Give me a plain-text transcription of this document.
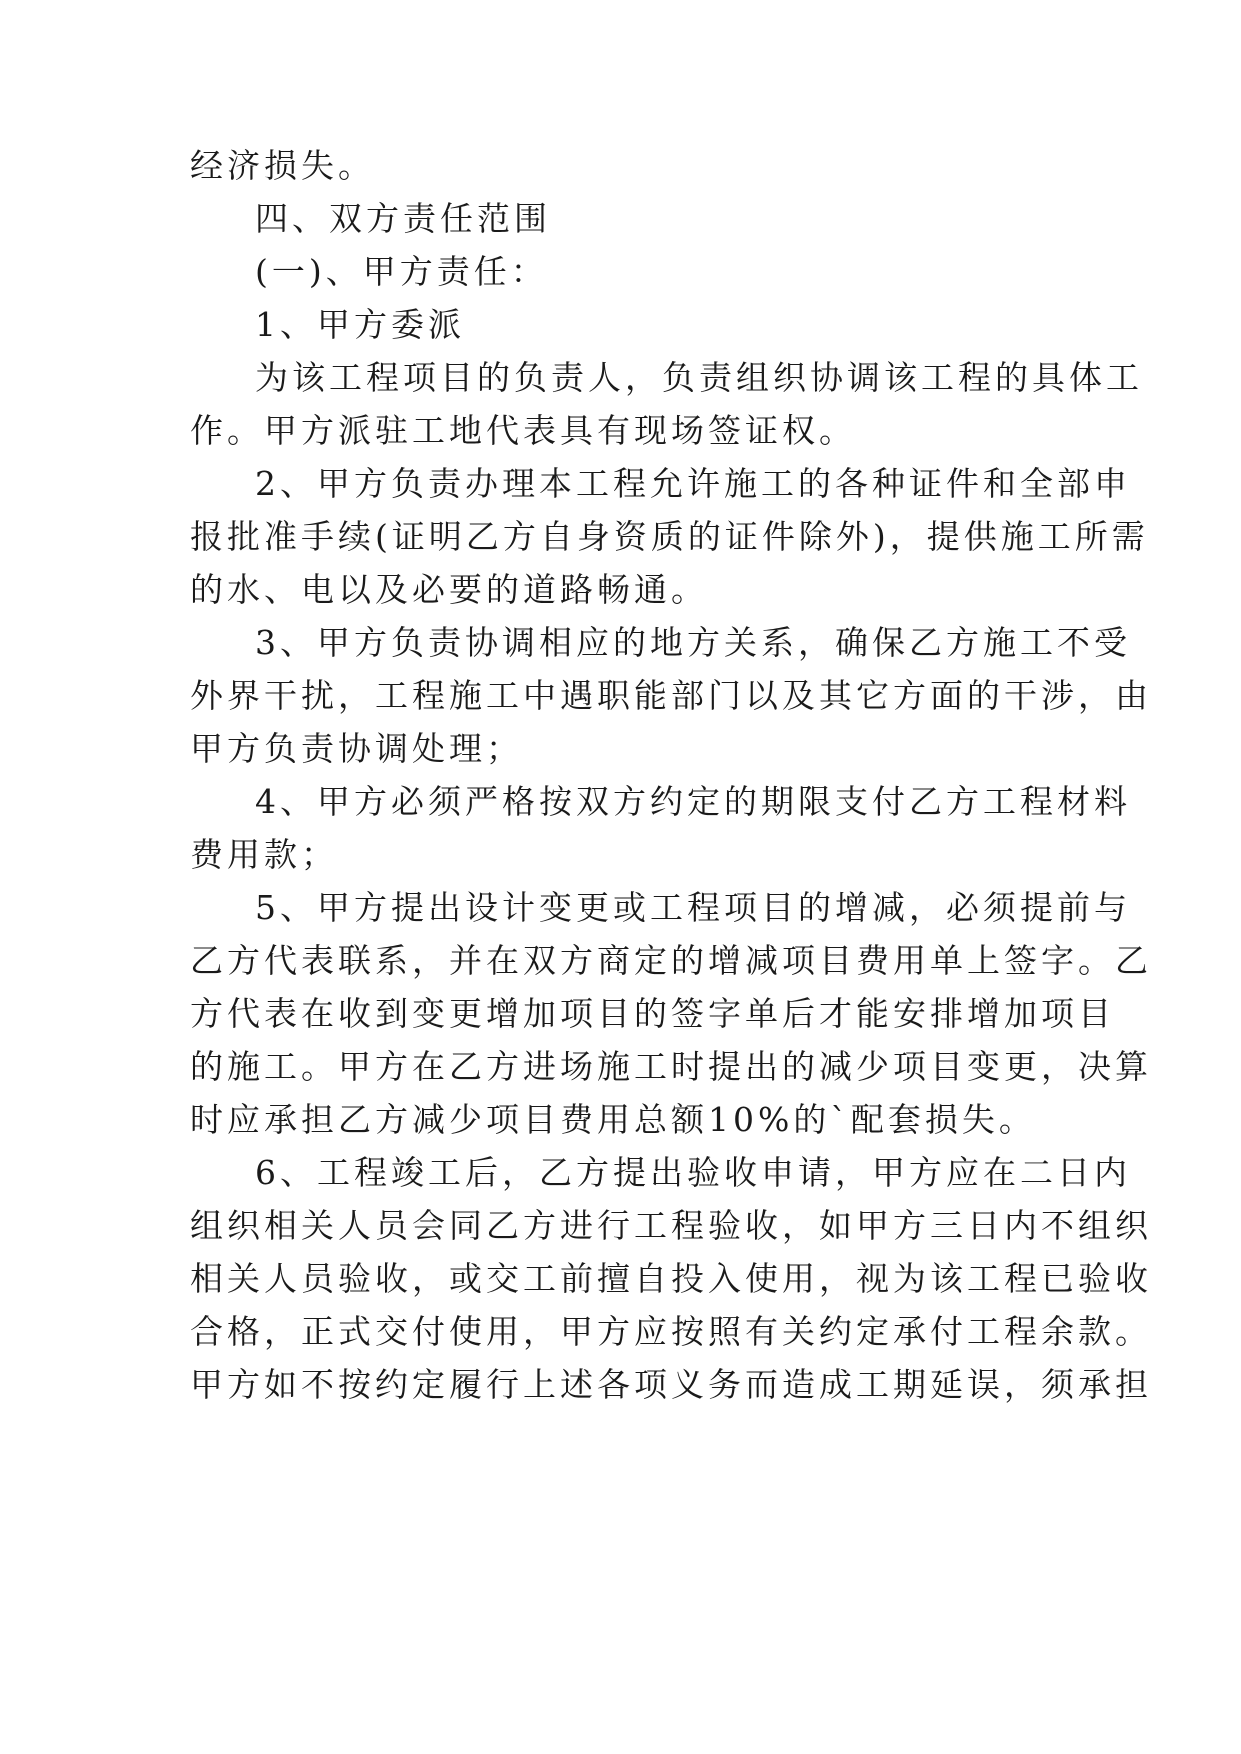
经济损失。
四、双方责任范围
(一)、甲方责任：
1、甲方委派
为该工程项目的负责人，负责组织协调该工程的具体工
作。甲方派驻工地代表具有现场签证权。
2、甲方负责办理本工程允许施工的各种证件和全部申
报批准手续(证明乙方自身资质的证件除外)，提供施工所需
的水、电以及必要的道路畅通。
3、甲方负责协调相应的地方关系，确保乙方施工不受
外界干扰，工程施工中遇职能部门以及其它方面的干涉，由
甲方负责协调处理；
4、甲方必须严格按双方约定的期限支付乙方工程材料
费用款；
5、甲方提出设计变更或工程项目的增减，必须提前与
乙方代表联系，并在双方商定的增减项目费用单上签字。乙
方代表在收到变更增加项目的签字单后才能安排增加项目
的施工。甲方在乙方进场施工时提出的减少项目变更，决算
时应承担乙方减少项目费用总额10%的`配套损失。
6、工程竣工后，乙方提出验收申请，甲方应在二日内
组织相关人员会同乙方进行工程验收，如甲方三日内不组织
相关人员验收，或交工前擅自投入使用，视为该工程已验收
合格，正式交付使用，甲方应按照有关约定承付工程余款。
甲方如不按约定履行上述各项义务而造成工期延误，须承担
